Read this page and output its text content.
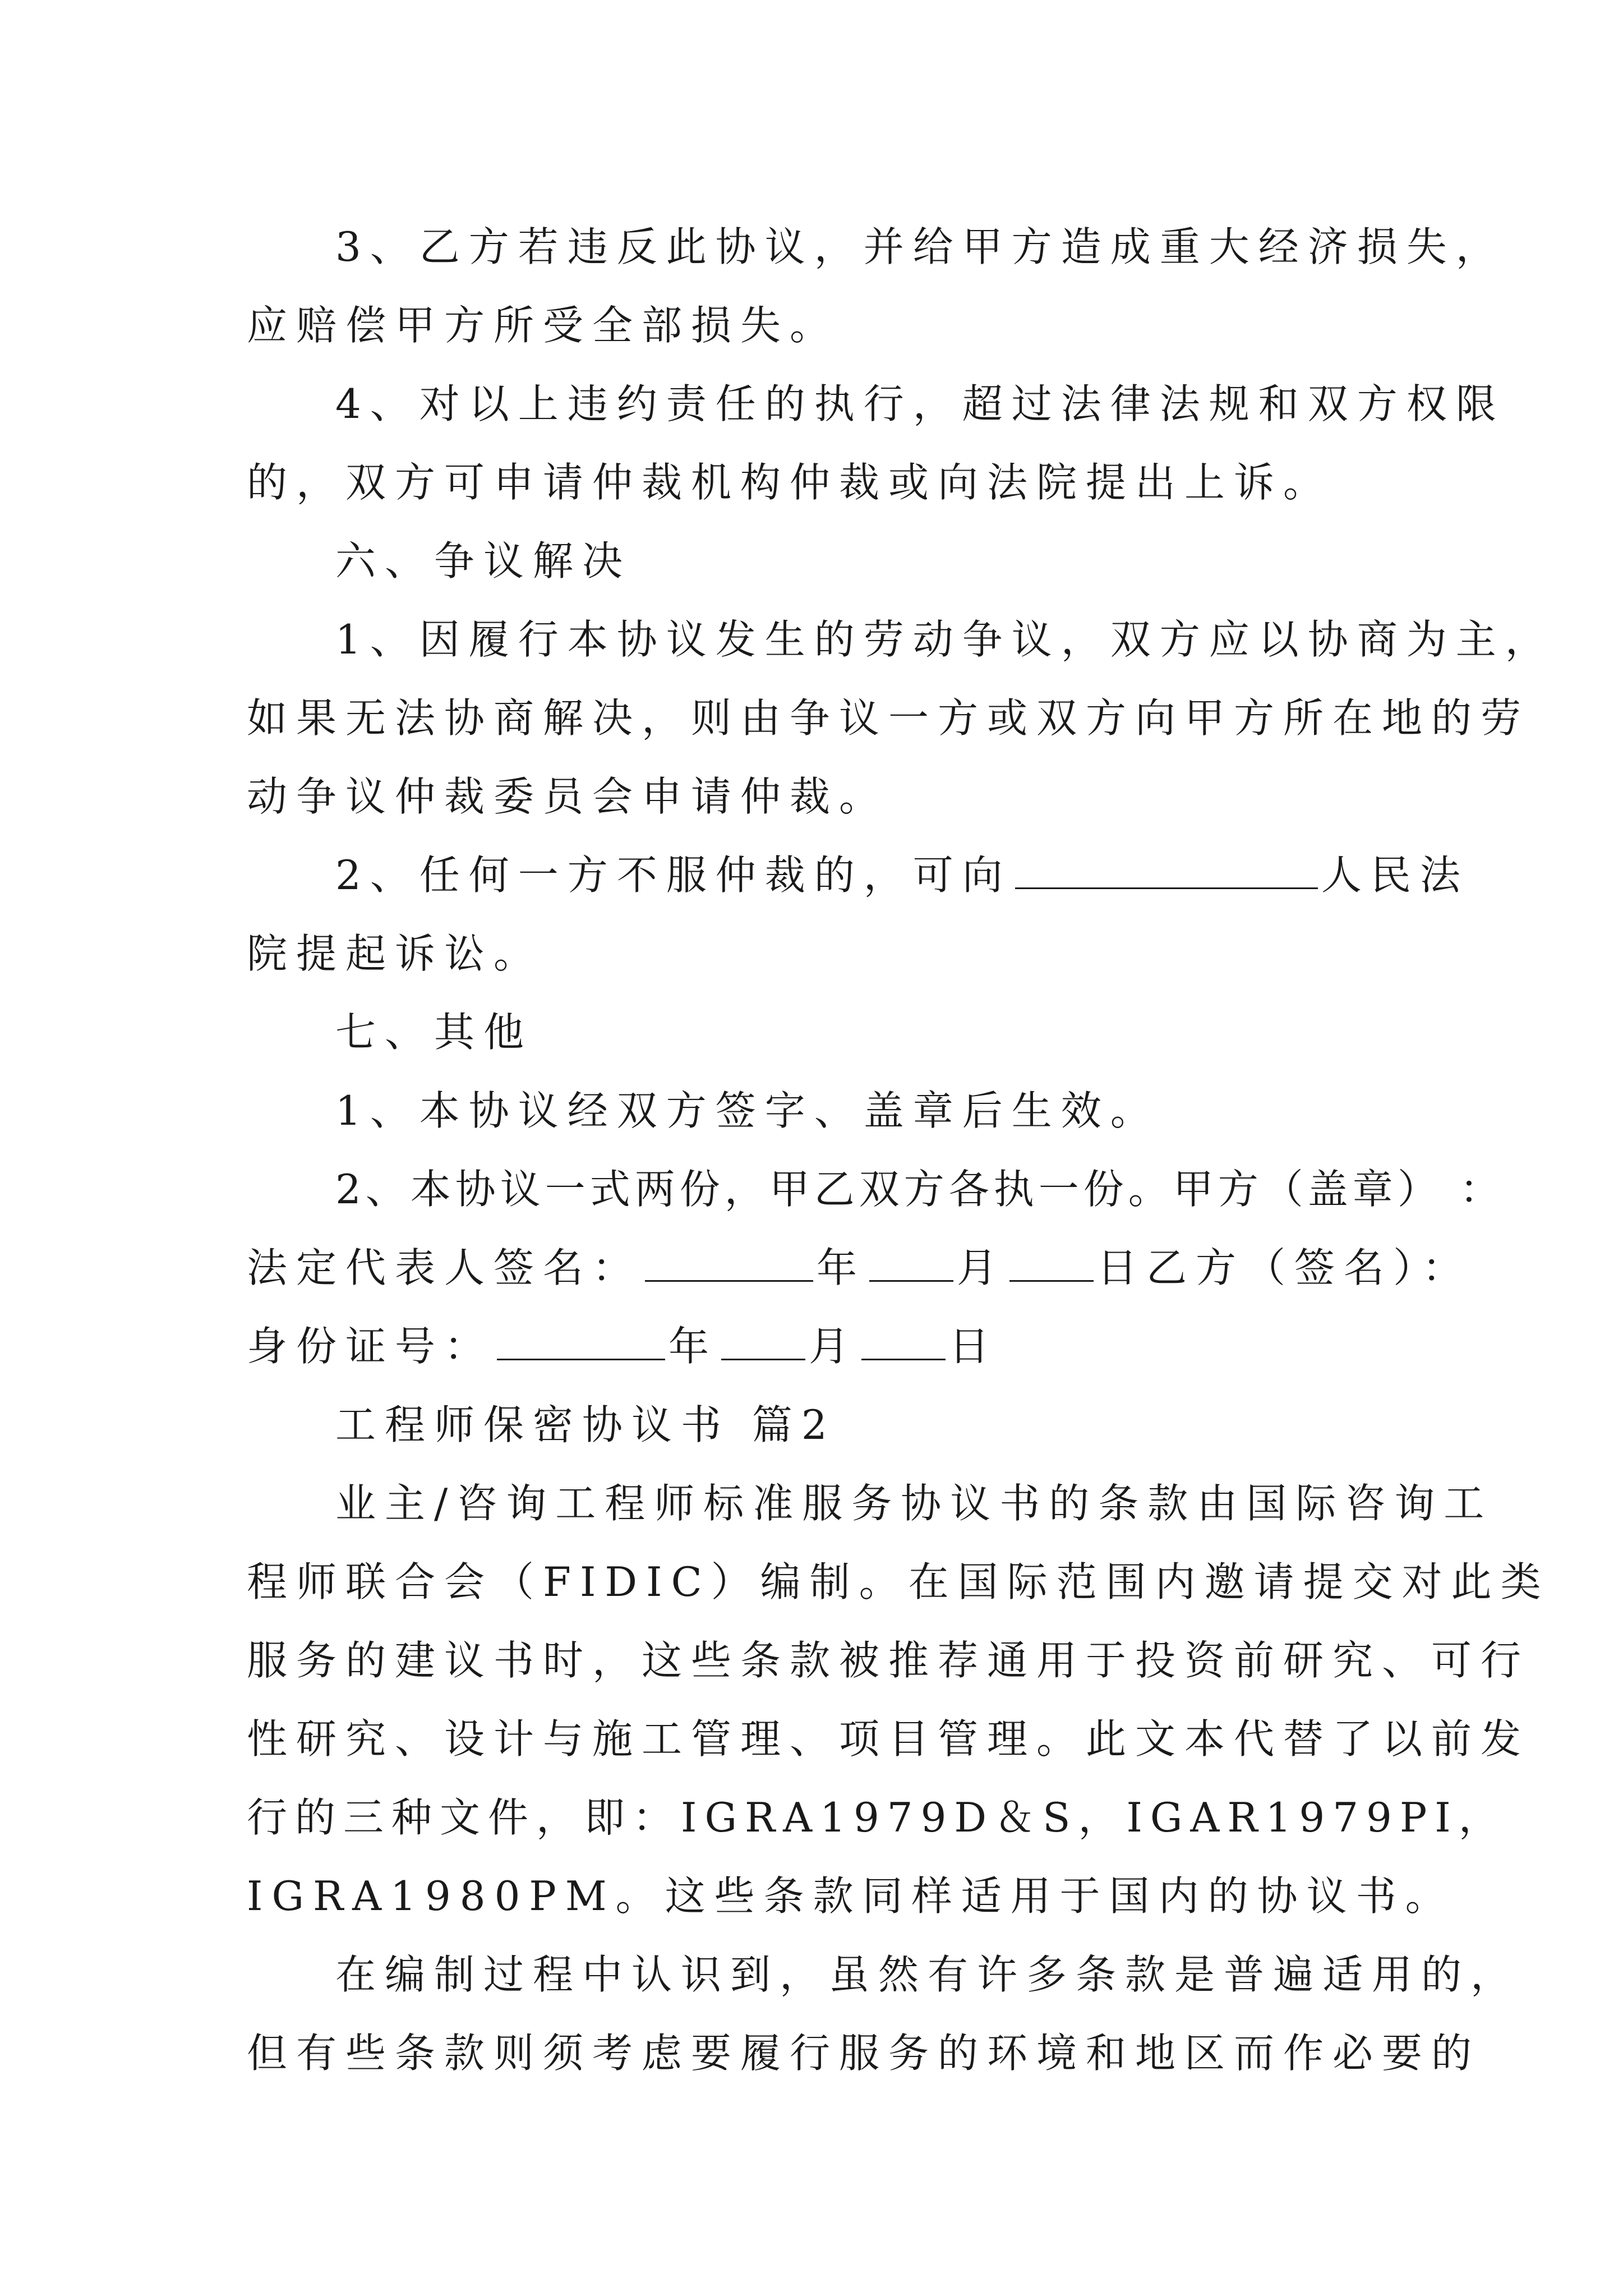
3、乙方若违反此协议，并给甲方造成重大经济损失，
应赔偿甲方所受全部损失。
4、对以上违约责任的执行，超过法律法规和双方权限
的，双方可申请仲裁机构仲裁或向法院提出上诉。
六、争议解决
1、因履行本协议发生的劳动争议，双方应以协商为主，
如果无法协商解决，则由争议一方或双方向甲方所在地的劳
动争议仲裁委员会申请仲裁。
2、任何一方不服仲裁的，可向	人民法
院提起诉讼。
七、其他
1、本协议经双方签字、盖章后生效。
2、本协议一式两份，甲乙双方各执一份。甲方（盖章） ：
法定代表人签名：	年 月 日乙方（签名）：
身份证号：	年 月 日
工程师保密协议书 篇2
业主/咨询工程师标准服务协议书的条款由国际咨询工
程师联合会（FIDIC）编制。在国际范围内邀请提交对此类
服务的建议书时，这些条款被推荐通用于投资前研究、可行
性研究、设计与施工管理、项目管理。此文本代替了以前发
行的三种文件，即：IGRA1979D＆S，IGAR1979PI，
IGRA1980PM。这些条款同样适用于国内的协议书。
在编制过程中认识到，虽然有许多条款是普遍适用的，
但有些条款则须考虑要履行服务的环境和地区而作必要的
